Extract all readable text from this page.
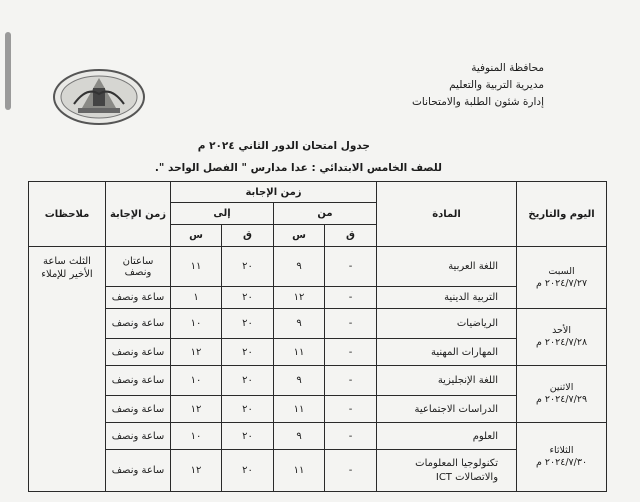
محافظة المنوفية
مديرية التربية والتعليم
إدارة شئون الطلبة والامتحانات
جدول امتحان الدور الثاني ٢٠٢٤ م
للصف الخامس الابتدائي : عدا مدارس " الفصل الواحد ".
اليوم والتاريخ	المادة	زمن الإجابة				زمن الإجابة	ملاحظات
		من		إلى			
		ق	س	ق	س		

السبت
٢٠٢٤/٧/٢٧ م	اللغة العربية	-	٩	٢٠	١١	ساعتان ونصف	الثلث ساعة الأخير للإملاء

	التربية الدينية	-	١٢	٢٠	١	ساعة ونصف	

الأحد
٢٠٢٤/٧/٢٨ م	الرياضيات	-	٩	٢٠	١٠	ساعة ونصف	
	المهارات المهنية	-	١١	٢٠	١٢	ساعة ونصف	

الاثنين
٢٠٢٤/٧/٢٩ م	اللغة الإنجليزية	-	٩	٢٠	١٠	ساعة ونصف	
	الدراسات الاجتماعية	-	١١	٢٠	١٢	ساعة ونصف	

الثلاثاء
٢٠٢٤/٧/٣٠ م	العلوم	-	٩	٢٠	١٠	ساعة ونصف	
	تكنولوجيا المعلومات والاتصالات ICT	-	١١	٢٠	١٢	ساعة ونصف	
